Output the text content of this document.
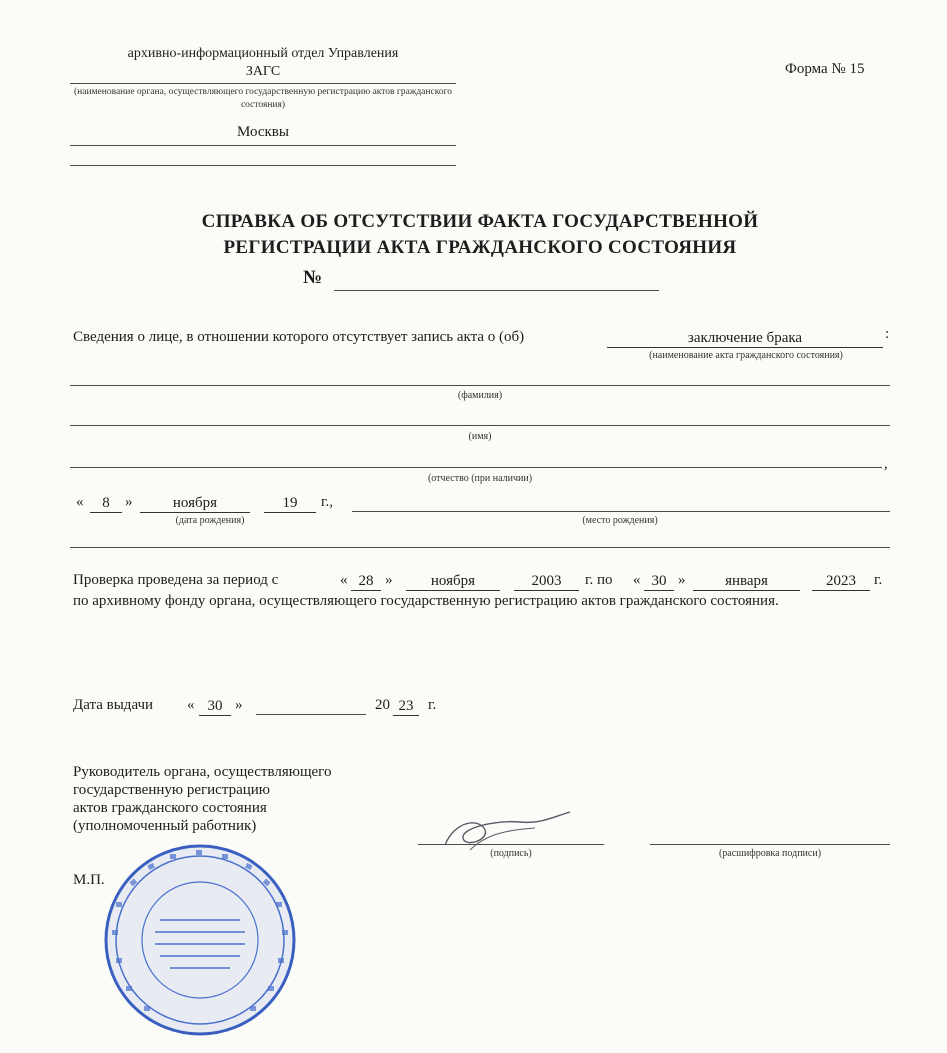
архивно-информационный отдел Управления
ЗАГС
(наименование органа, осуществляющего государственную регистрацию актов гражданского состояния)
Москвы
Форма № 15
СПРАВКА ОБ ОТСУТСТВИИ ФАКТА ГОСУДАРСТВЕННОЙ
РЕГИСТРАЦИИ АКТА ГРАЖДАНСКОГО СОСТОЯНИЯ
№
Сведения о лице, в отношении которого отсутствует запись акта о (об)	заключение брака	:
(наименование акта гражданского состояния)
(фамилия)
(имя)
,
(отчество (при наличии)
«	8	»	ноября	19	г.,
(дата рождения)	(место рождения)
Проверка проведена за период с	« 28 »	ноября	2003	г. по « 30 »	января	2023	г.
по архивному фонду органа, осуществляющего государственную регистрацию актов гражданского состояния.
Дата выдачи « 30 »	20 23 г.
Руководитель органа, осуществляющего
государственную регистрацию
актов гражданского состояния
(уполномоченный работник)
(подпись)	(расшифровка подписи)
М.П.
